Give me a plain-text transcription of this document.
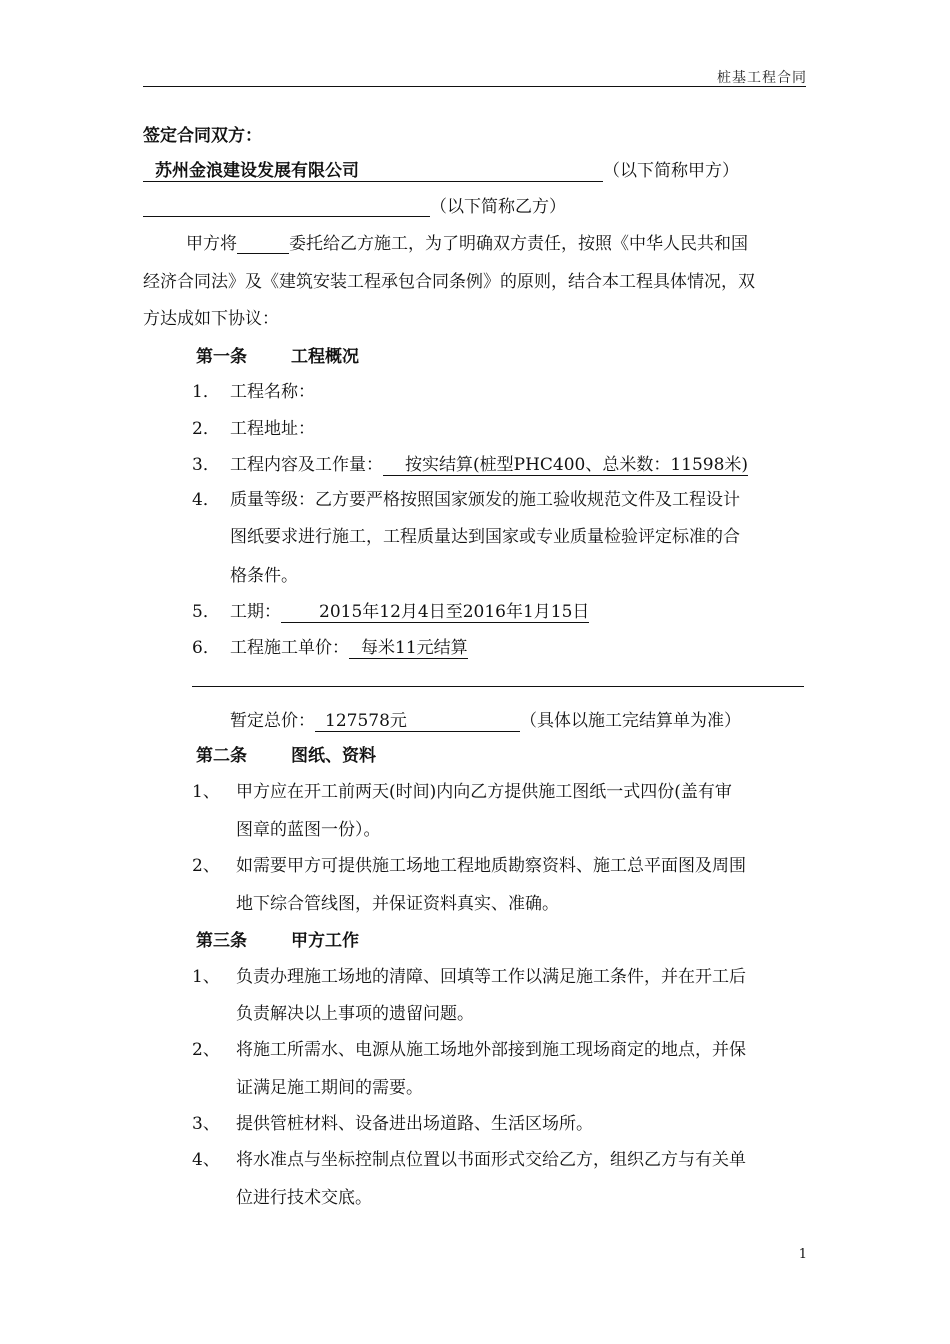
桩基工程合同
签定合同双方：
苏州金浪建设发展有限公司	（以下简称甲方）
（以下简称乙方）
甲方将	委托给乙方施工，为了明确双方责任，按照《中华人民共和国
经济合同法》及《建筑安装工程承包合同条例》的原则，结合本工程具体情况，双
方达成如下协议：
第一条	工程概况
1． 工程名称：
2． 工程地址：
3． 工程内容及工作量： 按实结算(桩型PHC400、总米数：11598米)
4． 质量等级：乙方要严格按照国家颁发的施工验收规范文件及工程设计
图纸要求进行施工，工程质量达到国家或专业质量检验评定标准的合
格条件。
5． 工期： 2015年12月4日至2016年1月15日
6． 工程施工单价： 每米11元结算
暂定总价： 127578元	（具体以施工完结算单为准）
第二条	图纸、资料
1、 甲方应在开工前两天(时间)内向乙方提供施工图纸一式四份(盖有审
图章的蓝图一份）。
2、 如需要甲方可提供施工场地工程地质勘察资料、施工总平面图及周围
地下综合管线图，并保证资料真实、准确。
第三条	甲方工作
1、 负责办理施工场地的清障、回填等工作以满足施工条件，并在开工后
负责解决以上事项的遗留问题。
2、 将施工所需水、电源从施工场地外部接到施工现场商定的地点，并保
证满足施工期间的需要。
3、 提供管桩材料、设备进出场道路、生活区场所。
4、 将水准点与坐标控制点位置以书面形式交给乙方，组织乙方与有关单
位进行技术交底。
1
